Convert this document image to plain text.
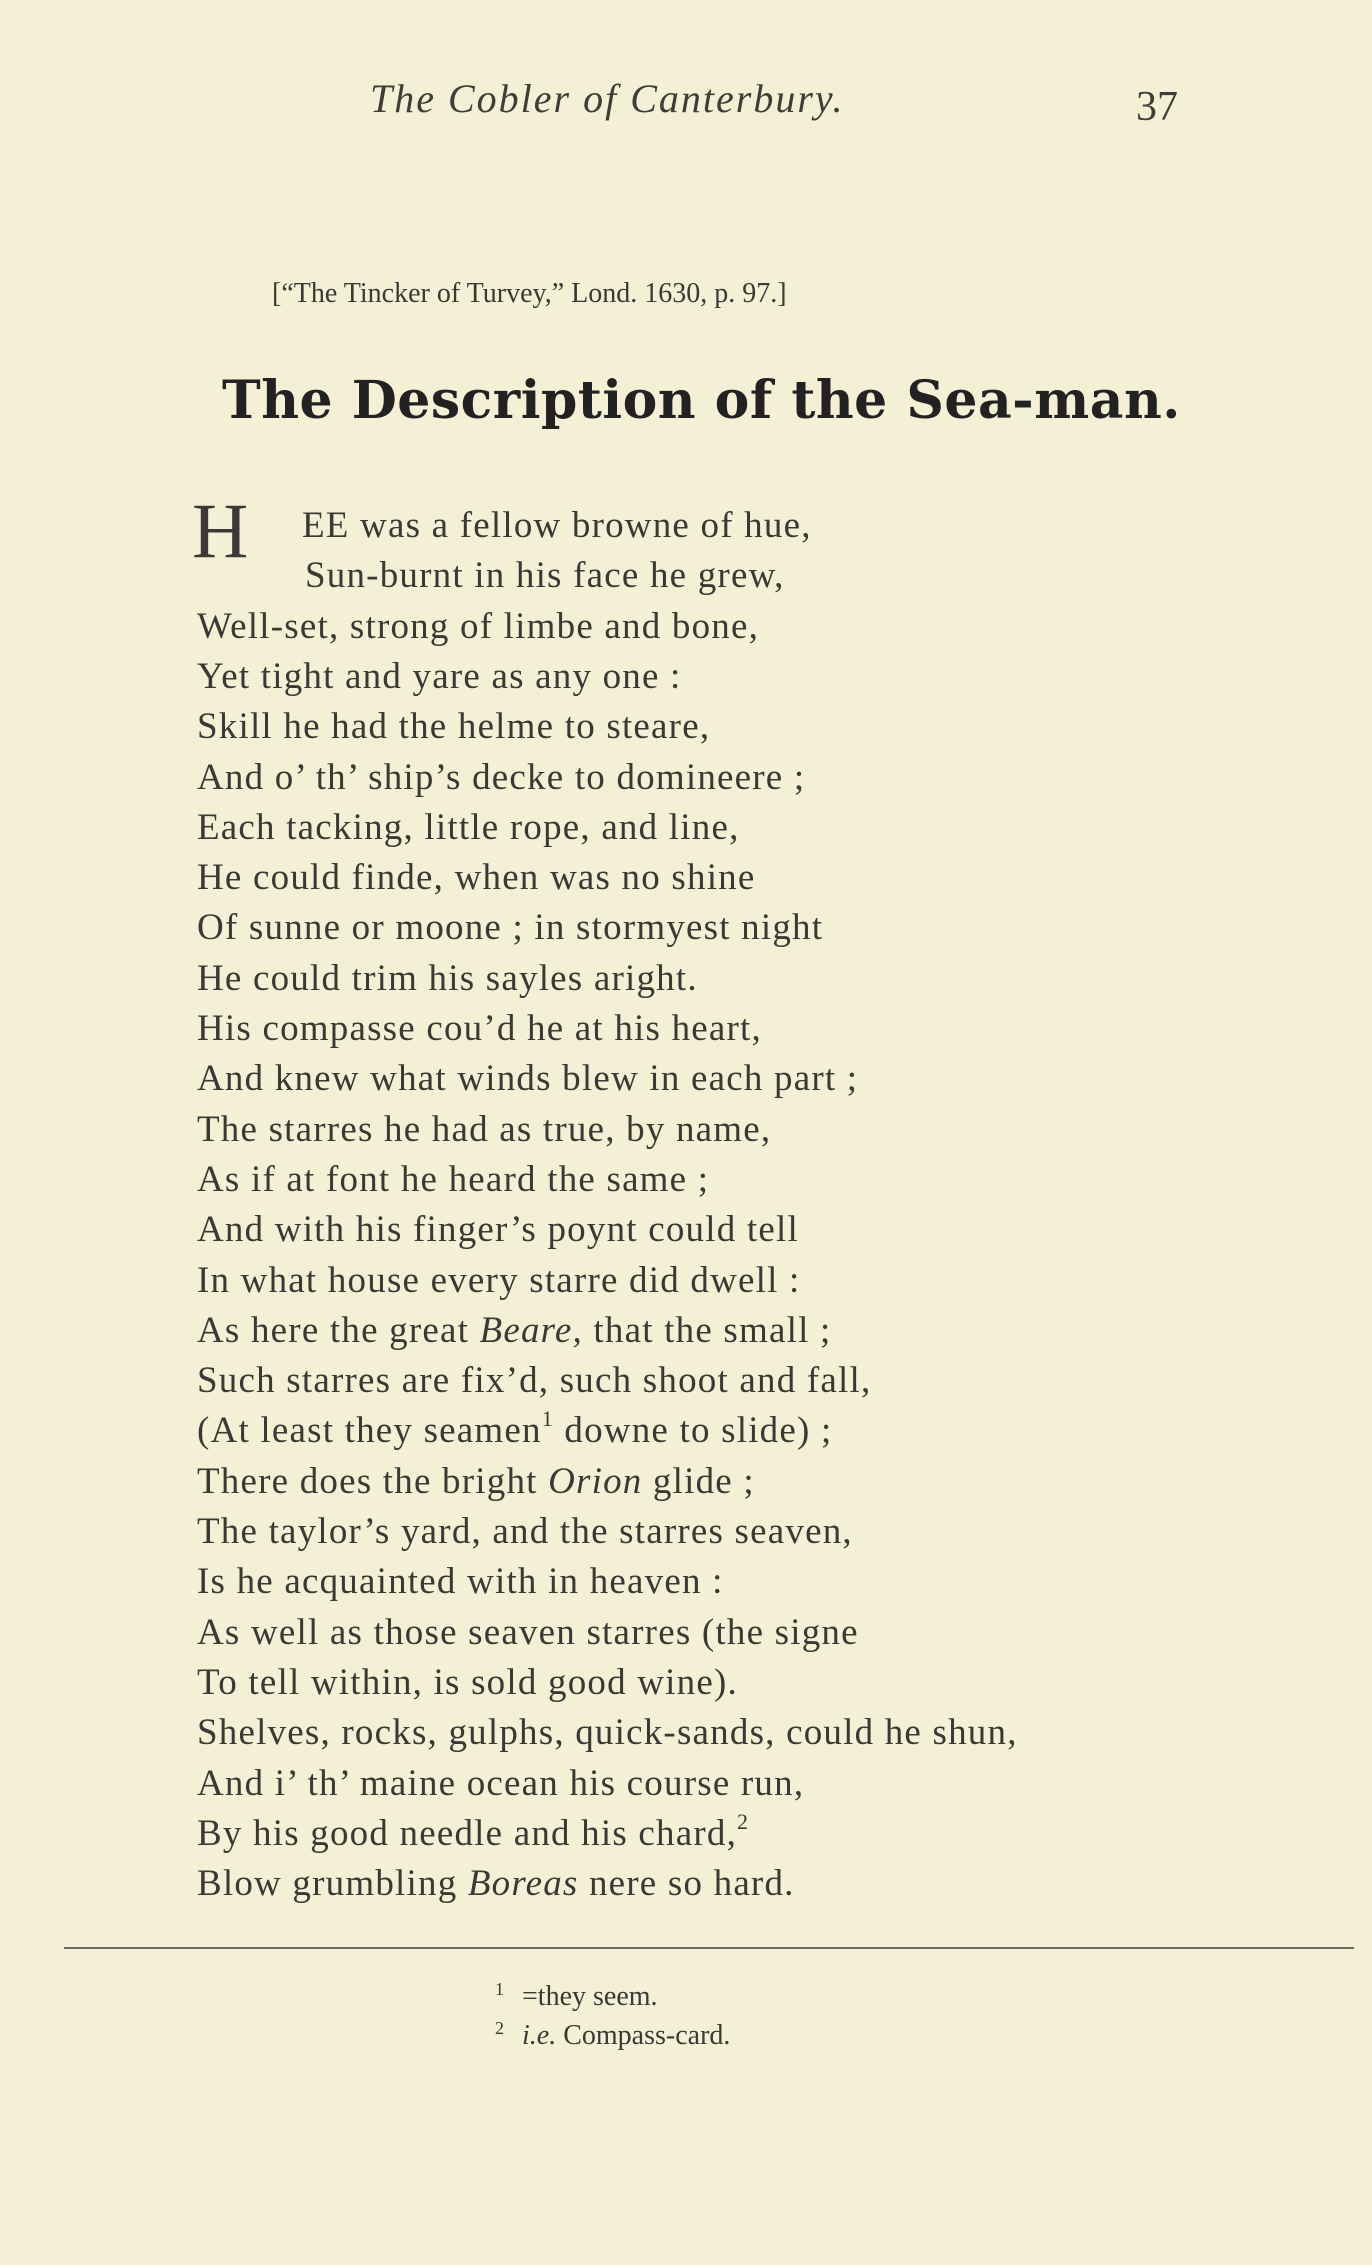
The Cobler of Canterbury.	37
[“The Tincker of Turvey,” Lond. 1630, p. 97.]
The Description of the Sea-man.
H EE was a fellow browne of hue,
Sun-burnt in his face he grew,
Well-set, strong of limbe and bone,
Yet tight and yare as any one :
Skill he had the helme to steare,
And o’ th’ ship’s decke to domineere ;
Each tacking, little rope, and line,
He could finde, when was no shine
Of sunne or moone ; in stormyest night
He could trim his sayles aright.
His compasse cou’d he at his heart,
And knew what winds blew in each part ;
The starres he had as true, by name,
As if at font he heard the same ;
And with his finger’s poynt could tell
In what house every starre did dwell :
As here the great Beare, that the small ;
Such starres are fix’d, such shoot and fall,
(At least they seamen$^1$ downe to slide) ;
There does the bright Orion glide ;
The taylor’s yard, and the starres seaven,
Is he acquainted with in heaven :
As well as those seaven starres (the signe
To tell within, is sold good wine).
Shelves, rocks, gulphs, quick-sands, could he shun,
And i’ th’ maine ocean his course run,
By his good needle and his chard,$^2$
Blow grumbling Boreas nere so hard.
$^1$ =they seem.
$^2$ i.e. Compass-card.
